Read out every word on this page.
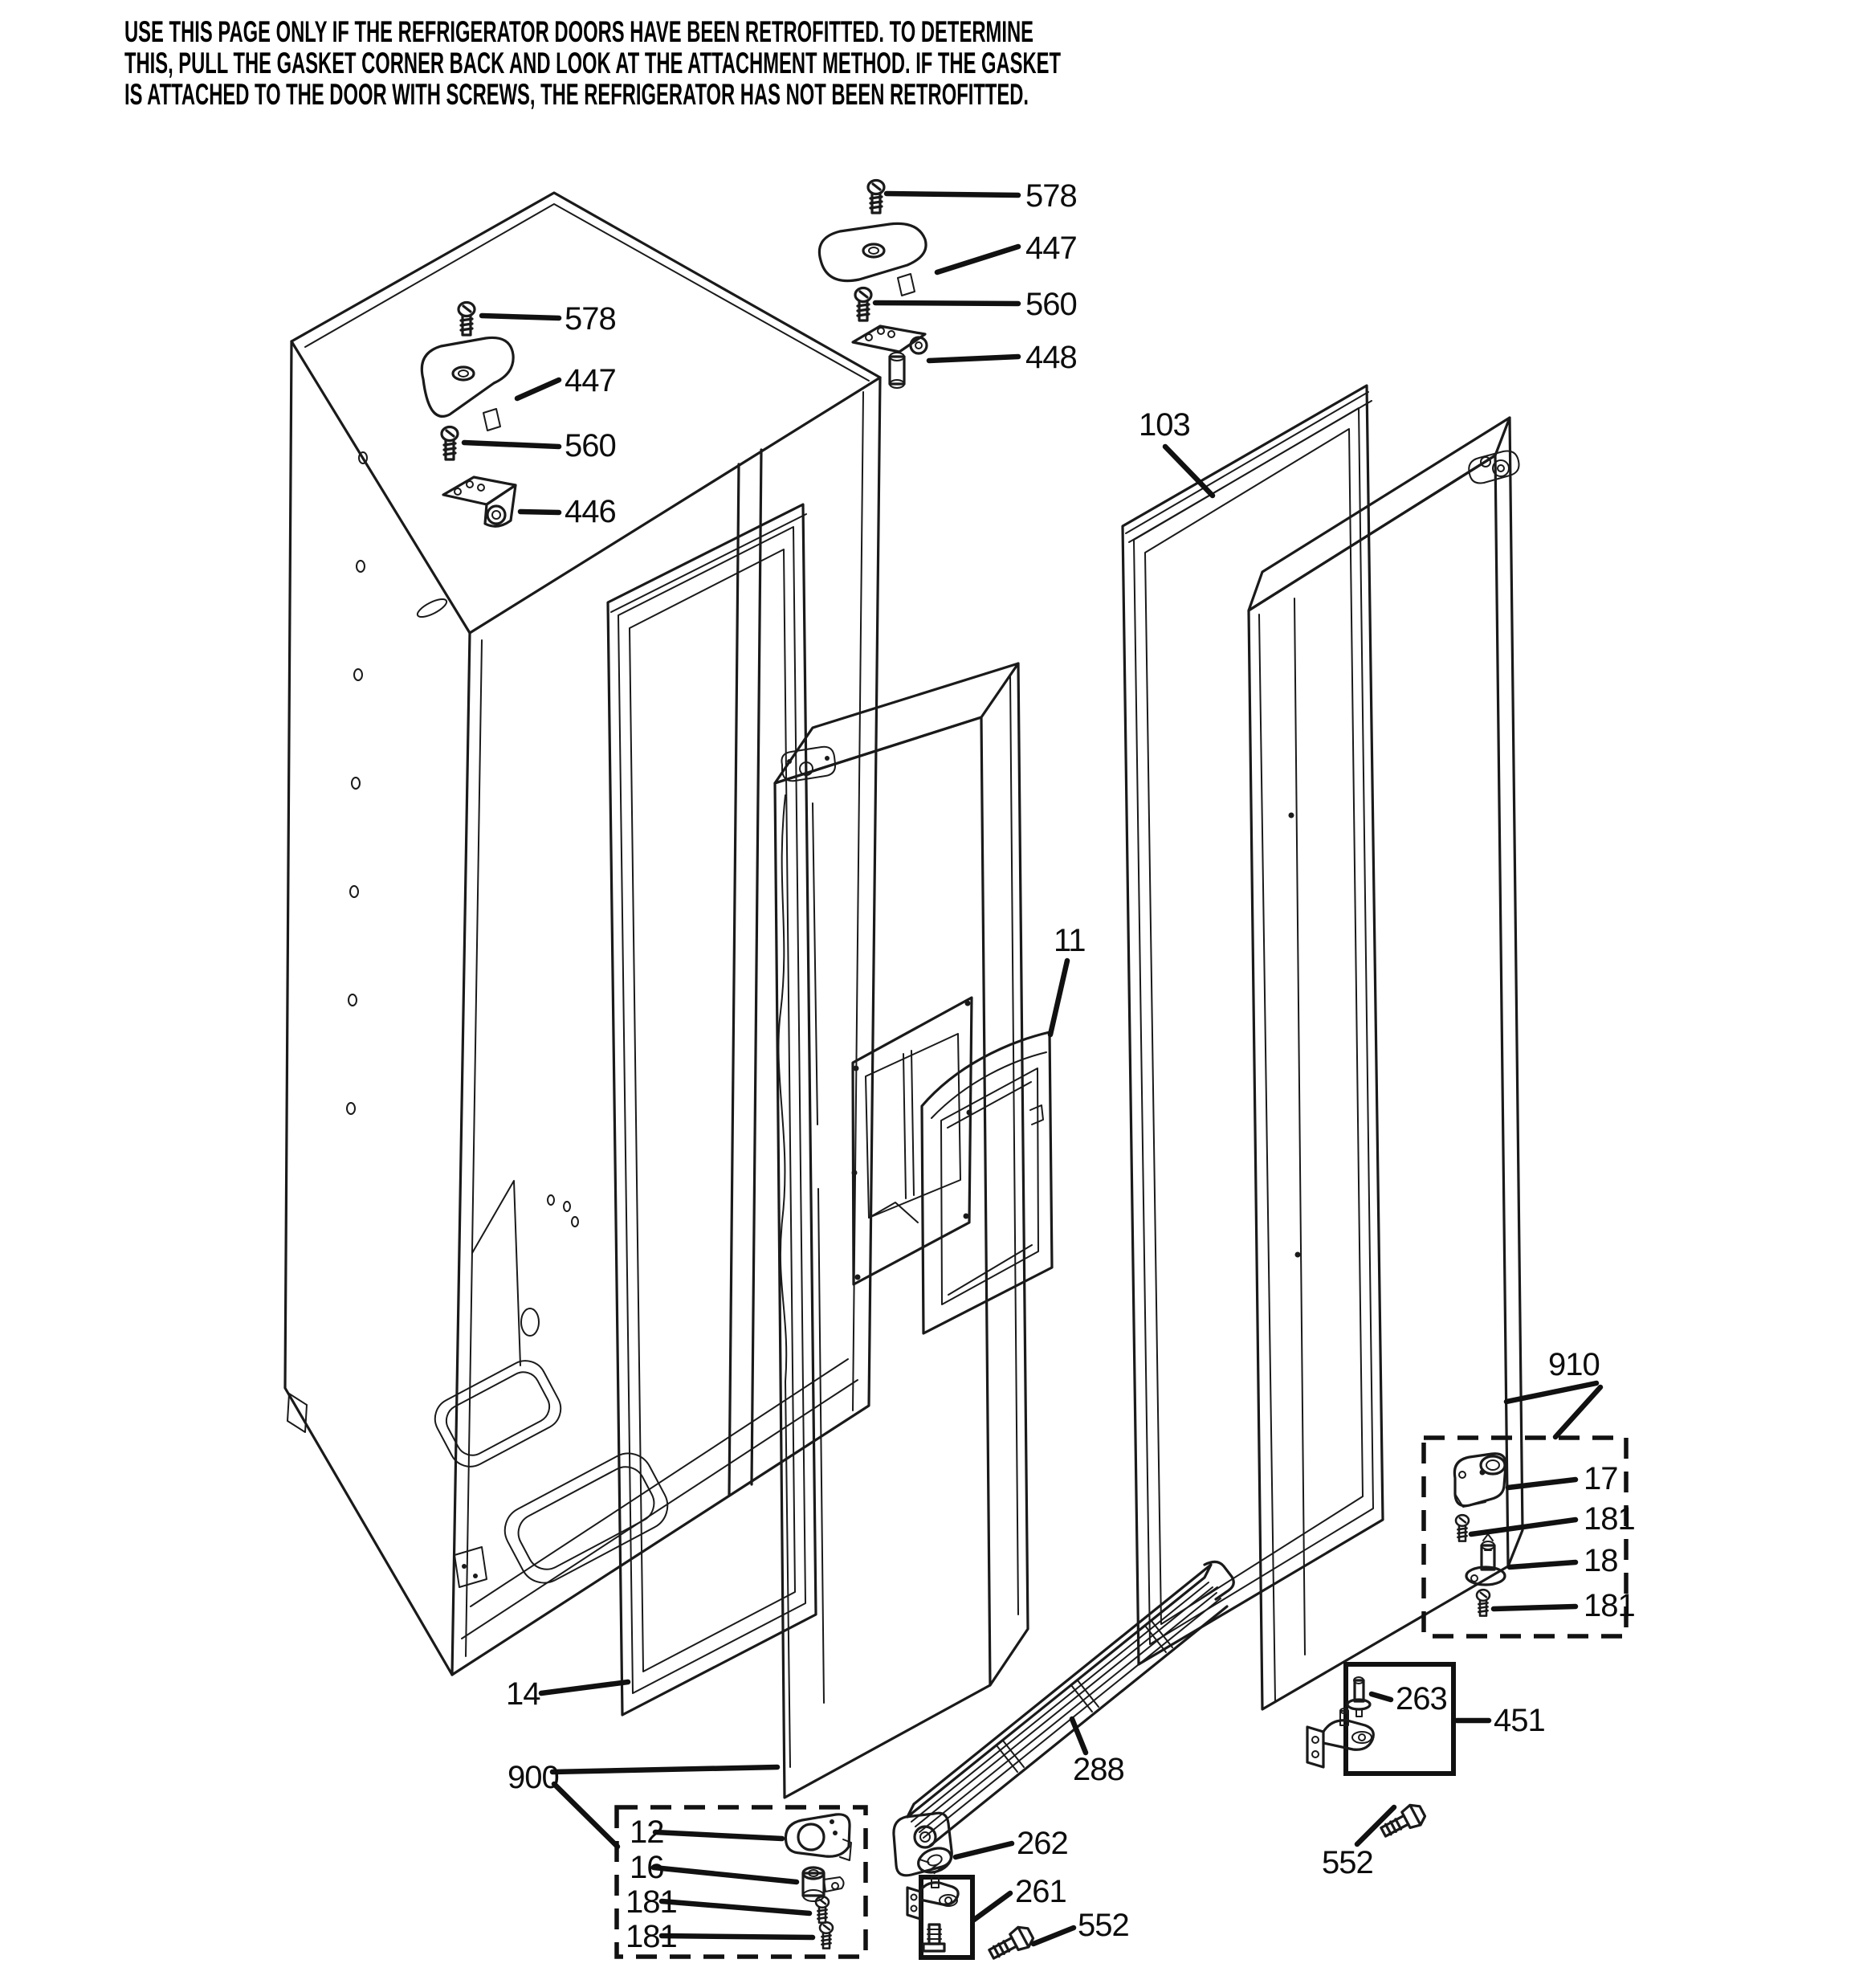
USE THIS PAGE ONLY IF THE REFRIGERATOR DOORS HAVE BEEN RETROFITTED. TO DETERMINE
THIS, PULL THE GASKET CORNER BACK AND LOOK AT THE ATTACHMENT METHOD. IF THE GASKET
IS ATTACHED TO THE DOOR WITH SCREWS, THE REFRIGERATOR HAS NOT BEEN RETROFITTED.
578
447
560
446
578
447
560
448
103
11
910
17
181
18
181
451
263
552
288
262
261
552
14
900
12
16
181
181
